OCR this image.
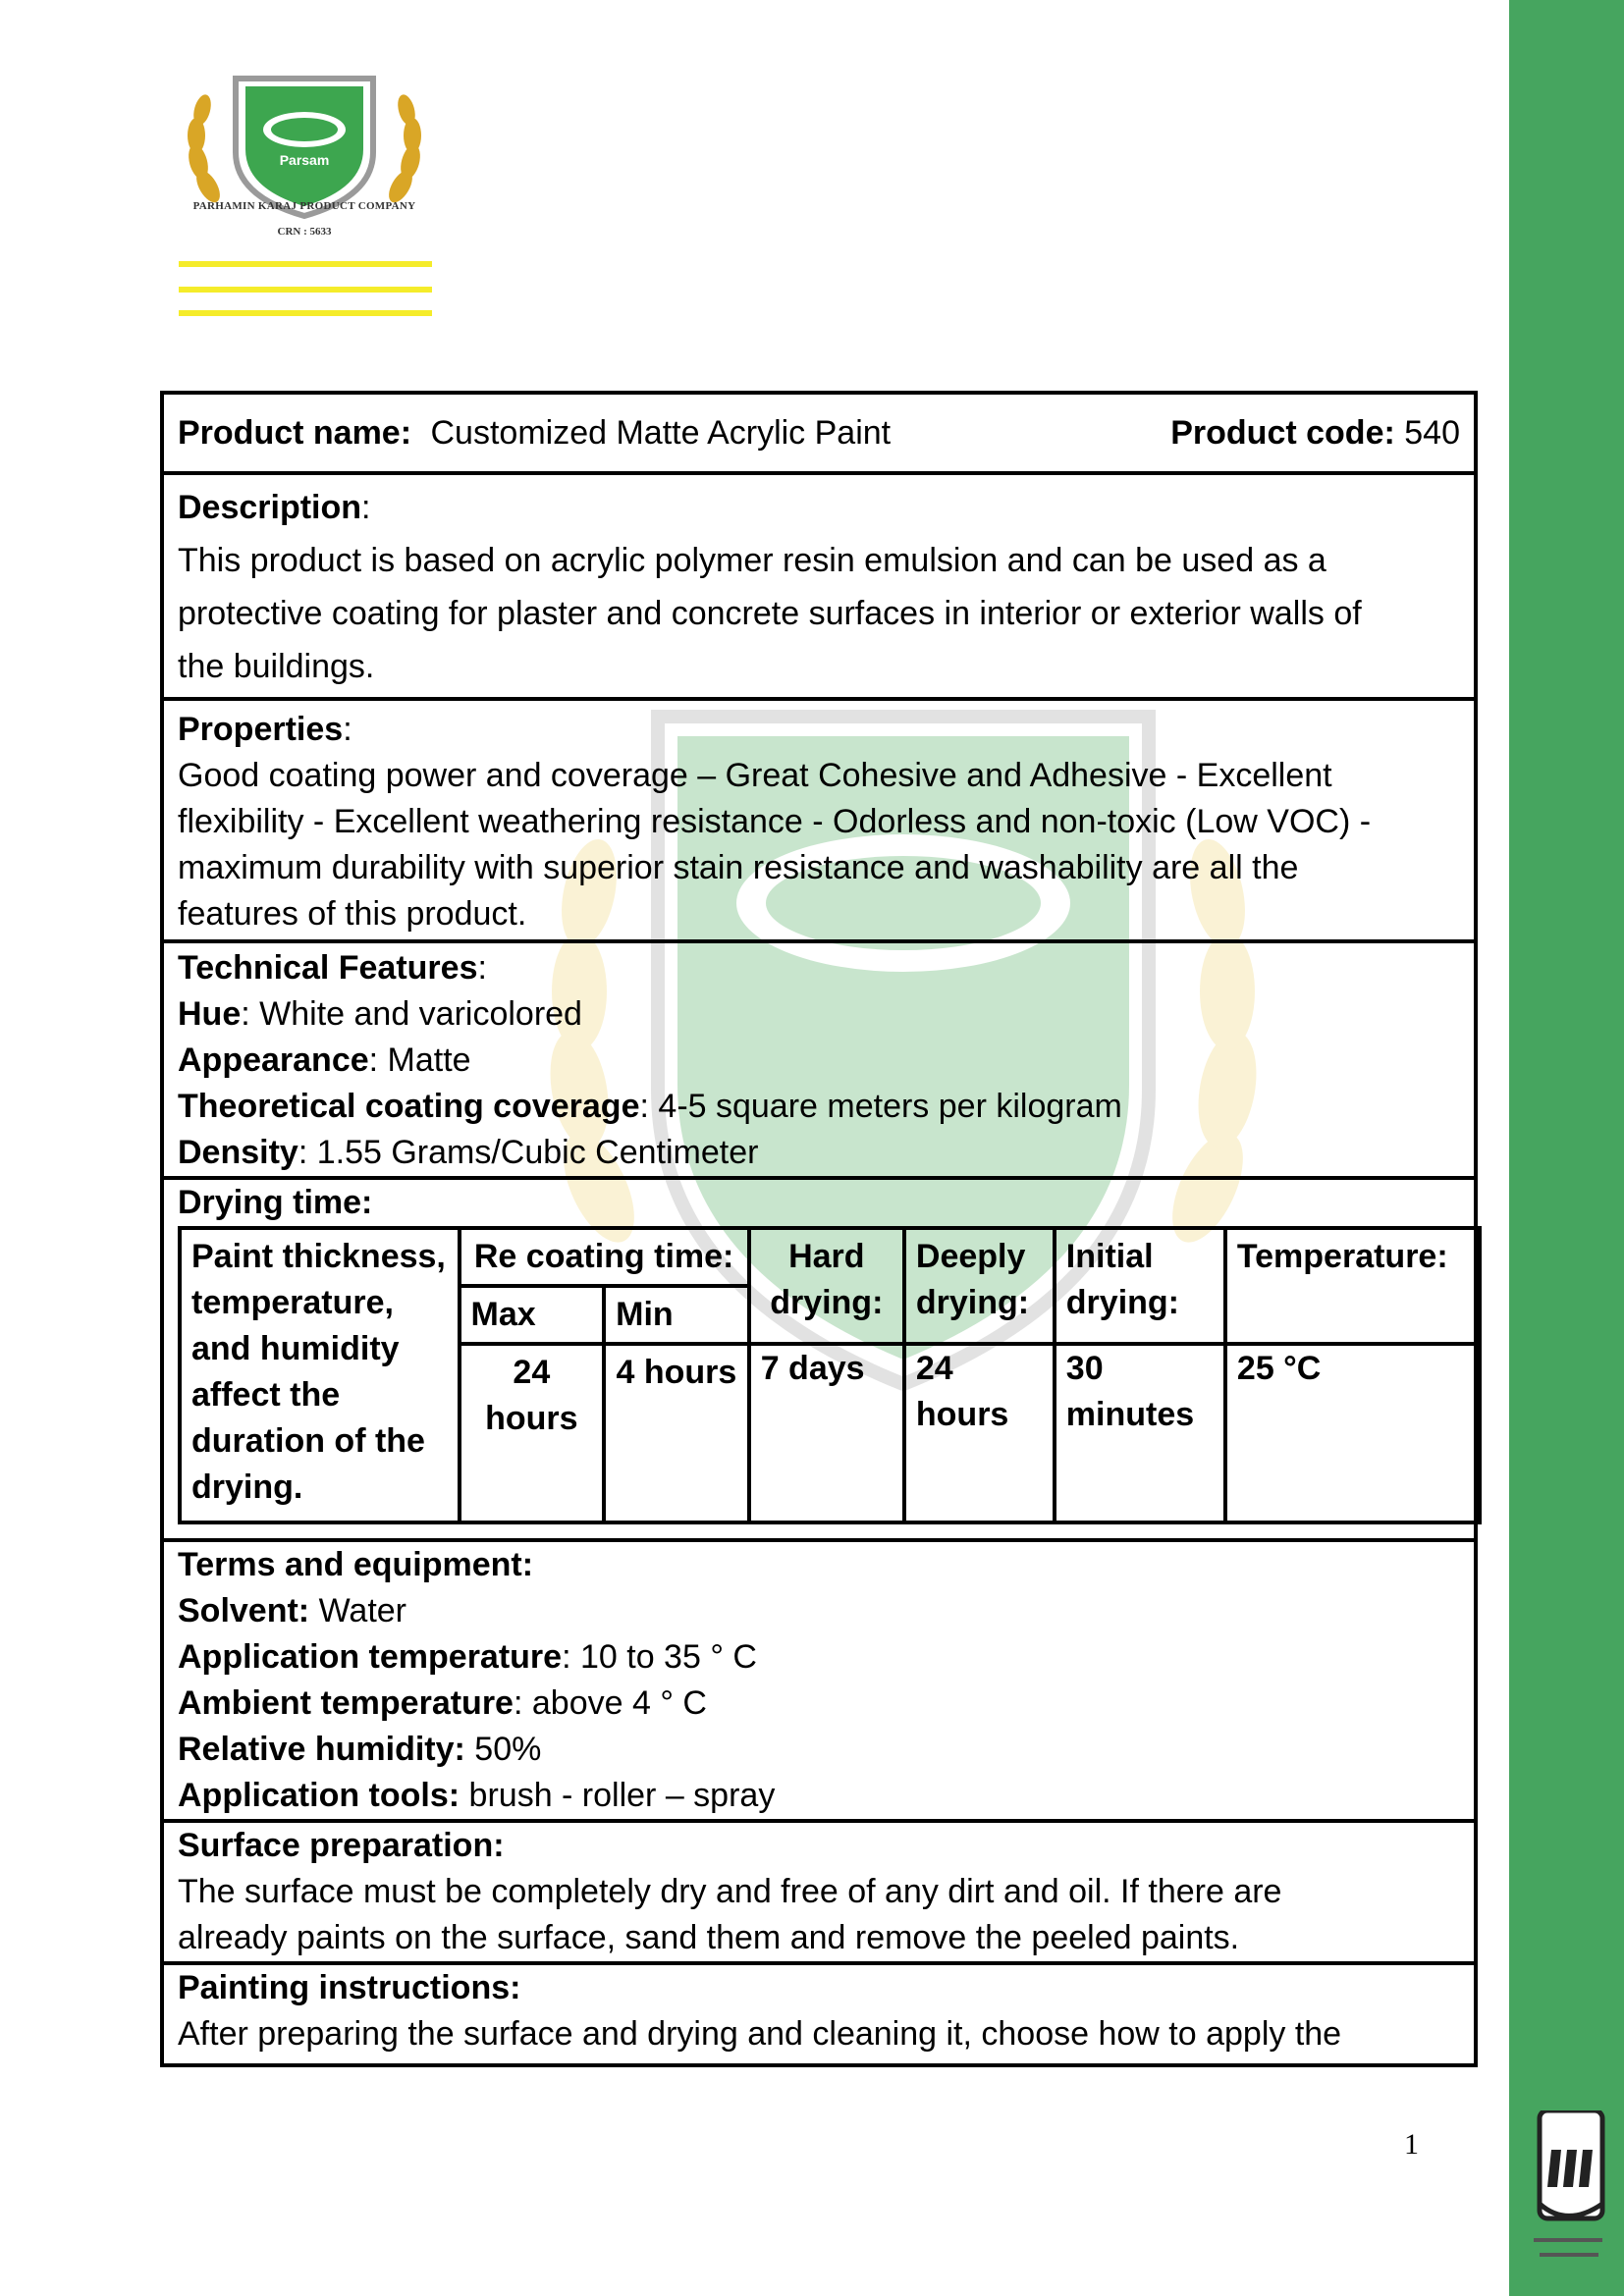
Parsam
PARHAMIN KARAJ PRODUCT COMPANY
CRN : 5633
Product name: Customized Matte Acrylic Paint	Product code: 540
Description:
This product is based on acrylic polymer resin emulsion and can be used as a
protective coating for plaster and concrete surfaces in interior or exterior walls of
the buildings.
Properties:
Good coating power and coverage – Great Cohesive and Adhesive - Excellent
flexibility - Excellent weathering resistance - Odorless and non-toxic (Low VOC) -
maximum durability with superior stain resistance and washability are all the
features of this product.
Technical Features:
Hue: White and varicolored
Appearance: Matte
Theoretical coating coverage: 4-5 square meters per kilogram
Density: 1.55 Grams/Cubic Centimeter
Drying time:
Paint thickness, temperature, and humidity affect the duration of the drying.	Re coating time:		Hard drying:	Deeply drying:	Initial drying:	Temperature:
	Max	Min				
	24 hours	4 hours	7 days	24 hours	30 minutes	25 °C
Terms and equipment:
Solvent: Water
Application temperature: 10 to 35 ° C
Ambient temperature: above 4 ° C
Relative humidity: 50%
Application tools: brush - roller – spray
Surface preparation:
The surface must be completely dry and free of any dirt and oil. If there are
already paints on the surface, sand them and remove the peeled paints.
Painting instructions:
After preparing the surface and drying and cleaning it, choose how to apply the
1
